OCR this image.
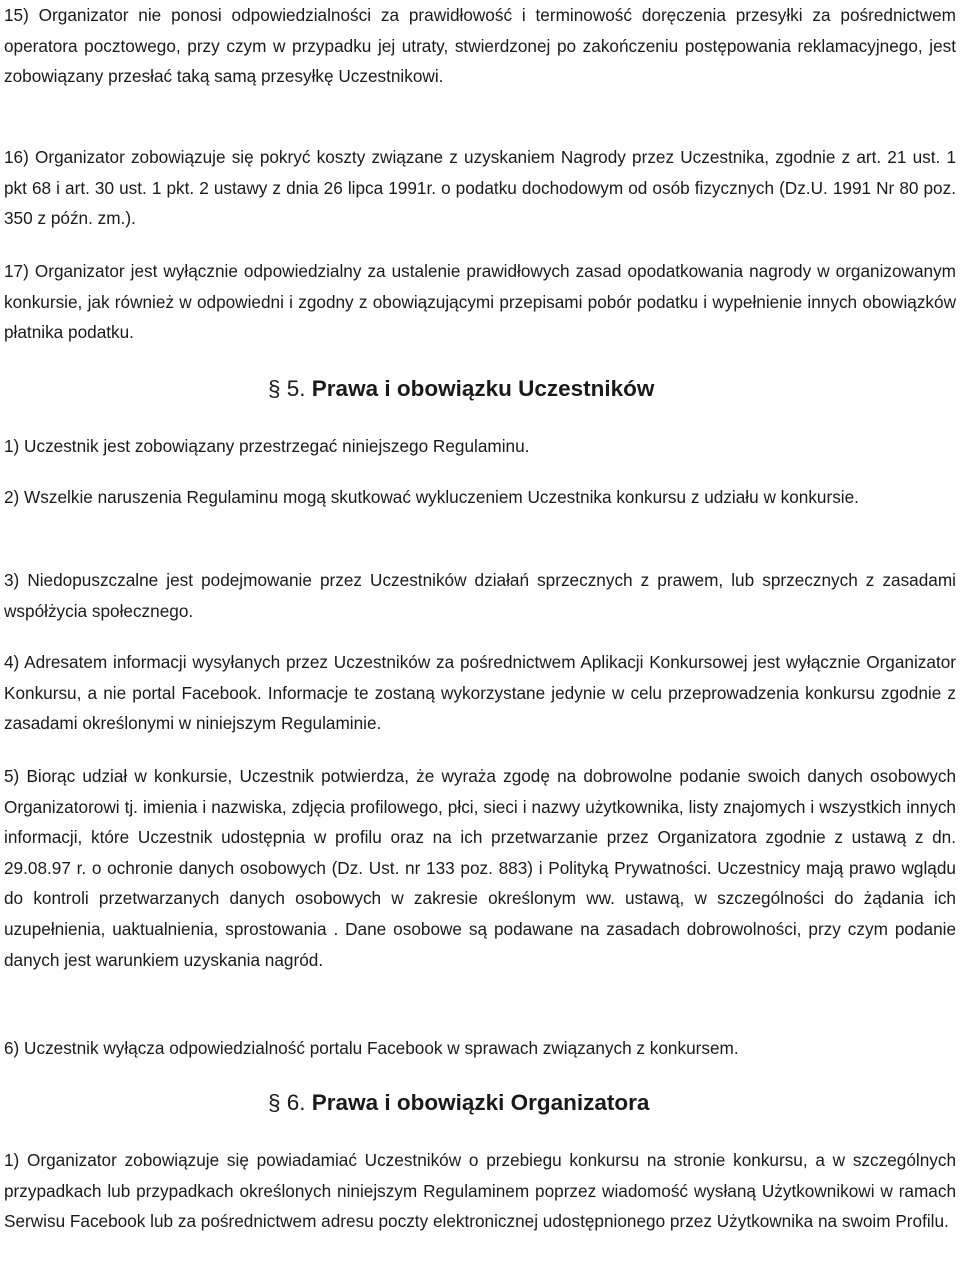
15) Organizator nie ponosi odpowiedzialności za prawidłowość i terminowość doręczenia przesyłki za pośrednictwem operatora pocztowego, przy czym w przypadku jej utraty, stwierdzonej po zakończeniu postępowania reklamacyjnego, jest zobowiązany przesłać taką samą przesyłkę Uczestnikowi.

16) Organizator zobowiązuje się pokryć koszty związane z uzyskaniem Nagrody przez Uczestnika, zgodnie z art. 21 ust. 1 pkt 68 i art. 30 ust. 1 pkt. 2 ustawy z dnia 26 lipca 1991r. o podatku dochodowym od osób fizycznych (Dz.U. 1991 Nr 80 poz. 350 z późn. zm.).

17) Organizator jest wyłącznie odpowiedzialny za ustalenie prawidłowych zasad opodatkowania nagrody w organizowanym konkursie, jak również w odpowiedni i zgodny z obowiązującymi przepisami pobór podatku i wypełnienie innych obowiązków płatnika podatku.

§ 5. Prawa i obowiązku Uczestników

1) Uczestnik jest zobowiązany przestrzegać niniejszego Regulaminu.

2) Wszelkie naruszenia Regulaminu mogą skutkować wykluczeniem Uczestnika konkursu z udziału w konkursie.

3) Niedopuszczalne jest podejmowanie przez Uczestników działań sprzecznych z prawem, lub sprzecznych z zasadami współżycia społecznego.

4) Adresatem informacji wysyłanych przez Uczestników za pośrednictwem Aplikacji Konkursowej jest wyłącznie Organizator Konkursu, a nie portal Facebook. Informacje te zostaną wykorzystane jedynie w celu przeprowadzenia konkursu zgodnie z zasadami określonymi w niniejszym Regulaminie.

5) Biorąc udział w konkursie, Uczestnik potwierdza, że wyraża zgodę na dobrowolne podanie swoich danych osobowych Organizatorowi tj. imienia i nazwiska, zdjęcia profilowego, płci, sieci i nazwy użytkownika, listy znajomych i wszystkich innych informacji, które Uczestnik udostępnia w profilu oraz na ich przetwarzanie przez Organizatora zgodnie z ustawą z dn. 29.08.97 r. o ochronie danych osobowych (Dz. Ust. nr 133 poz. 883) i Polityką Prywatności. Uczestnicy mają prawo wglądu do kontroli przetwarzanych danych osobowych w zakresie określonym ww. ustawą, w szczególności do żądania ich uzupełnienia, uaktualnienia, sprostowania . Dane osobowe są podawane na zasadach dobrowolności, przy czym podanie danych jest warunkiem uzyskania nagród.

6) Uczestnik wyłącza odpowiedzialność portalu Facebook w sprawach związanych z konkursem.

§ 6. Prawa i obowiązki Organizatora

1) Organizator zobowiązuje się powiadamiać Uczestników o przebiegu konkursu na stronie konkursu, a w szczególnych przypadkach lub przypadkach określonych niniejszym Regulaminem poprzez wiadomość wysłaną Użytkownikowi w ramach Serwisu Facebook lub za pośrednictwem adresu poczty elektronicznej udostępnionego przez Użytkownika na swoim Profilu.
